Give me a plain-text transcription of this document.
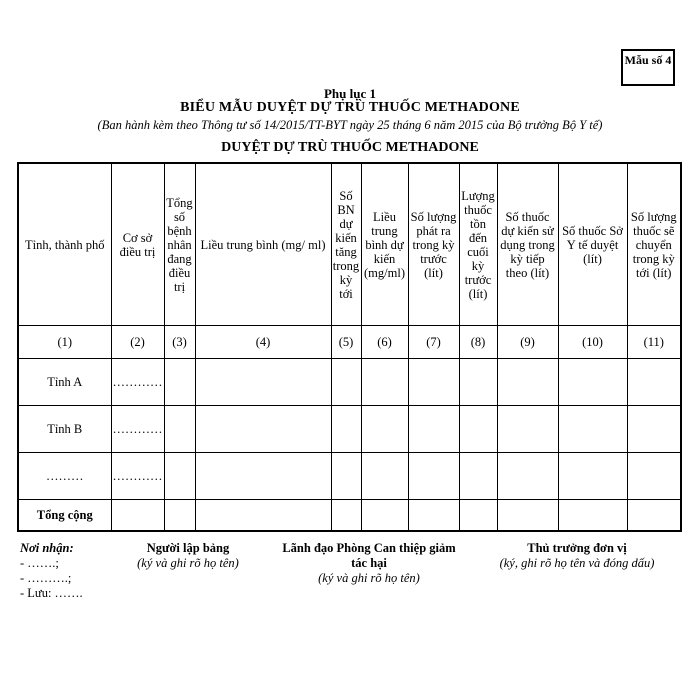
Mẫu số 4
Phụ lục 1
BIỂU MẪU DUYỆT DỰ TRÙ THUỐC METHADONE
(Ban hành kèm theo Thông tư số 14/2015/TT-BYT ngày 25 tháng 6 năm 2015 của Bộ trưởng Bộ Y tế)
DUYỆT DỰ TRÙ THUỐC METHADONE
Tỉnh, thành phố	Cơ sở điều trị	Tổng số bệnh nhân đang điều trị	Liều trung bình (mg/ ml)	Số BN dự kiến tăng trong kỳ tới	Liều trung bình dự kiến (mg/ml)	Số lượng phát ra trong kỳ trước (lít)	Lượng thuốc tồn đến cuối kỳ trước (lít)	Số thuốc dự kiến sử dụng trong kỳ tiếp theo (lít)	Số thuốc Sở Y tế duyệt (lít)	Số lượng thuốc sẽ chuyển trong kỳ tới (lít)
(1)	(2)	(3)	(4)	(5)	(6)	(7)	(8)	(9)	(10)	(11)
Tỉnh A	…………									
Tỉnh B	…………									
………	…………									
Tổng cộng										
Nơi nhận:
- …….;
- ……….;
- Lưu: …….
Người lập bảng
(ký và ghi rõ họ tên)
Lãnh đạo Phòng Can thiệp giảm
tác hại
(ký và ghi rõ họ tên)
Thủ trưởng đơn vị
(ký, ghi rõ họ tên và đóng dấu)
